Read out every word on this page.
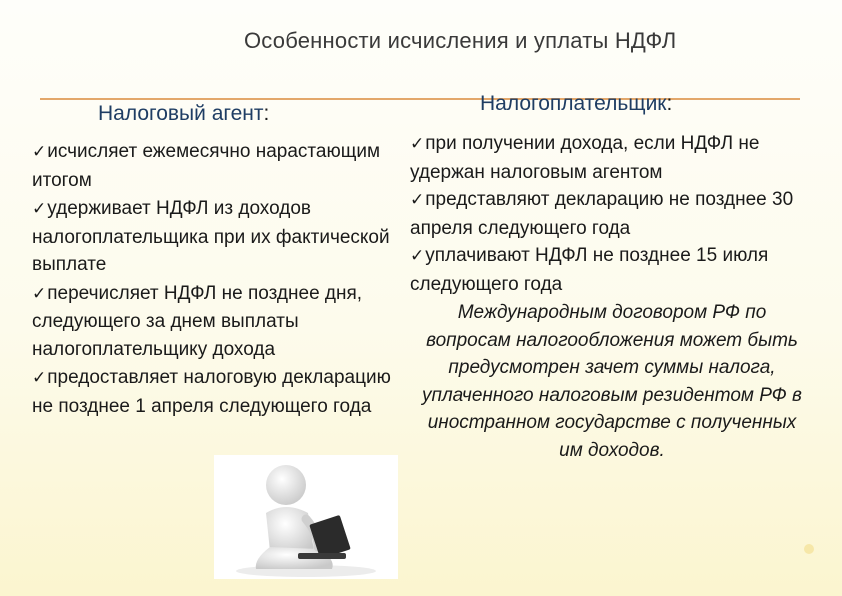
Особенности исчисления и уплаты НДФЛ
Налоговый агент:	Налогоплательщик:

✓исчисляет ежемесячно нарастающим итогом

✓удерживает НДФЛ из доходов налогоплательщика при их фактической выплате

✓перечисляет НДФЛ не позднее дня, следующего за днем выплаты налогоплательщику дохода

✓предоставляет налоговую декларацию не позднее 1 апреля следующего года

✓при получении дохода, если НДФЛ не удержан налоговым агентом

✓представляют декларацию не позднее 30 апреля следующего года

✓уплачивают НДФЛ не позднее 15 июля следующего года

Международным договором РФ по вопросам налогообложения может быть предусмотрен зачет суммы налога, уплаченного налоговым резидентом РФ в иностранном государстве с полученных им доходов.
